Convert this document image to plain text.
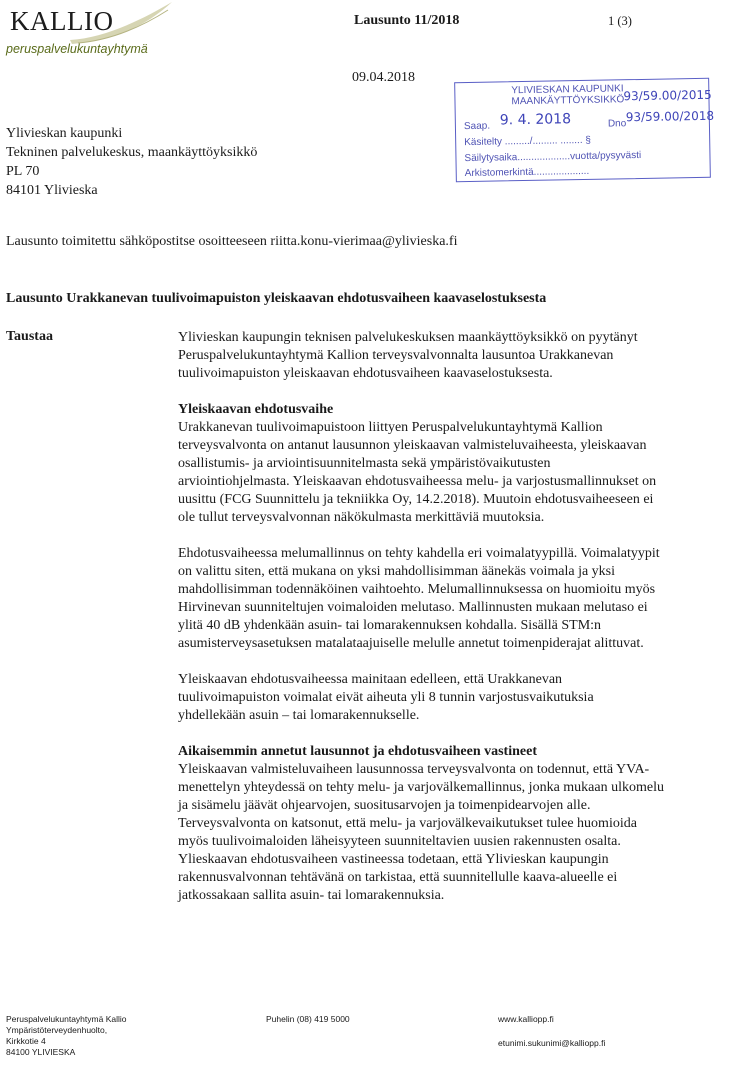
KALLIO
peruspalvelukuntayhtymä
Lausunto 11/2018	1 (3)
09.04.2018
YLIVIESKAN KAUPUNKI
MAANKÄYTTÖYKSIKKÖ
93/59.00/2015
Saap. 9. 4. 2018	Dno 93/59.00/2018
Käsitelty ........./......... ........ §
Säilytysaika...................vuotta/pysyvästi
Arkistomerkintä....................
Ylivieskan kaupunki
Tekninen palvelukeskus, maankäyttöyksikkö
PL 70
84101 Ylivieska
Lausunto toimitettu sähköpostitse osoitteeseen riitta.konu-vierimaa@ylivieska.fi
Lausunto Urakkanevan tuulivoimapuiston yleiskaavan ehdotusvaiheen kaavaselostuksesta
Taustaa	Ylivieskan kaupungin teknisen palvelukeskuksen maankäyttöyksikkö on pyytänyt Peruspalvelukuntayhtymä Kallion terveysvalvonnalta lausuntoa Urakkanevan tuulivoimapuiston yleiskaavan ehdotusvaiheen kaavaselostuksesta.

Yleiskaavan ehdotusvaihe

Urakkanevan tuulivoimapuistoon liittyen Peruspalvelukuntayhtymä Kallion terveysvalvonta on antanut lausunnon yleiskaavan valmisteluvaiheesta, yleiskaavan osallistumis- ja arviointisuunnitelmasta sekä ympäristövaikutusten arviointiohjelmasta. Yleiskaavan ehdotusvaiheessa melu- ja varjostusmallinnukset on uusittu (FCG Suunnittelu ja tekniikka Oy, 14.2.2018). Muutoin ehdotusvaiheeseen ei ole tullut terveysvalvonnan näkökulmasta merkittäviä muutoksia.

Ehdotusvaiheessa melumallinnus on tehty kahdella eri voimalatyypillä. Voimalatyypit on valittu siten, että mukana on yksi mahdollisimman äänekäs voimala ja yksi mahdollisimman todennäköinen vaihtoehto. Melumallinnuksessa on huomioitu myös Hirvinevan suunniteltujen voimaloiden melutaso. Mallinnusten mukaan melutaso ei ylitä 40 dB yhdenkään asuin- tai lomarakennuksen kohdalla. Sisällä STM:n asumisterveysasetuksen matalataajuiselle melulle annetut toimenpiderajat alittuvat.

Yleiskaavan ehdotusvaiheessa mainitaan edelleen, että Urakkanevan tuulivoimapuiston voimalat eivät aiheuta yli 8 tunnin varjostusvaikutuksia yhdellekään asuin – tai lomarakennukselle.

Aikaisemmin annetut lausunnot ja ehdotusvaiheen vastineet

Yleiskaavan valmisteluvaiheen lausunnossa terveysvalvonta on todennut, että YVA-menettelyn yhteydessä on tehty melu- ja varjovälkemallinnus, jonka mukaan ulkomelu ja sisämelu jäävät ohjearvojen, suositusarvojen ja toimenpidearvojen alle. Terveysvalvonta on katsonut, että melu- ja varjovälkevaikutukset tulee huomioida myös tuulivoimaloiden läheisyyteen suunniteltavien uusien rakennusten osalta. Ylieskaavan ehdotusvaiheen vastineessa todetaan, että Ylivieskan kaupungin rakennusvalvonnan tehtävänä on tarkistaa, että suunnitellulle kaava-alueelle ei jatkossakaan sallita asuin- tai lomarakennuksia.

Peruspalvelukuntayhtymä Kallio
Ympäristöterveydenhuolto,
Kirkkotie 4
84100 YLIVIESKA
Puhelin (08) 419 5000	www.kalliopp.fi
etunimi.sukunimi@kalliopp.fi
